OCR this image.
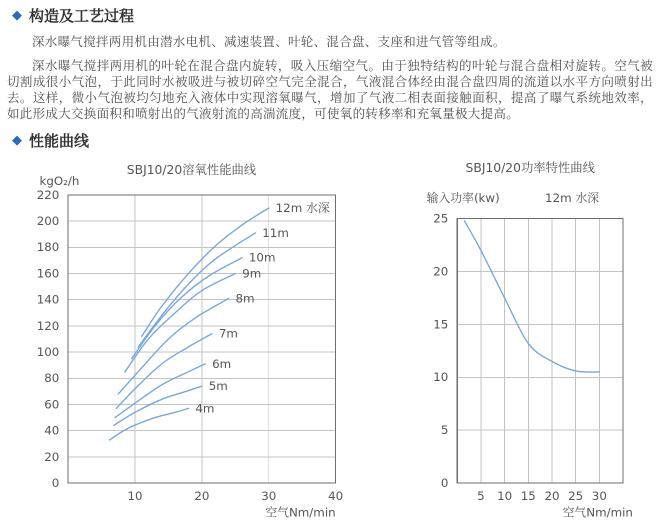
◆ 构造及工艺过程

深水曝气搅拌两用机由潜水电机、减速装置、叶轮、混合盘、支座和进气管等组成。

深水曝气搅拌两用机的叶轮在混合盘内旋转，吸入压缩空气。由于独特结构的叶轮与混合盘相对旋转。空气被切割成很小气泡，于此同时水被吸进与被切碎空气完全混合，气液混合体经由混合盘四周的流道以水平方向喷射出去。这样，微小气泡被均匀地充入液体中实现溶氧曝气，增加了气液二相表面接触面积，提高了曝气系统地效率，如此形成大交换面积和喷射出的气液射流的高湍流度，可使氧的转移率和充氧量极大提高。

◆ 性能曲线
SBJ10/20溶氧性能曲线
kgO₂/h
空气Nm/min
4m
5m
6m
7m
8m
9m
10m
11m
12m 水深
0
20
40
60
80
100
120
140
160
180
200
220
10	20	30	40
SBJ10/20功率特性曲线
输入功率(kw)	12m 水深
空气Nm/min
0
5
10
15
20
25
5 10 15 20 25 30
